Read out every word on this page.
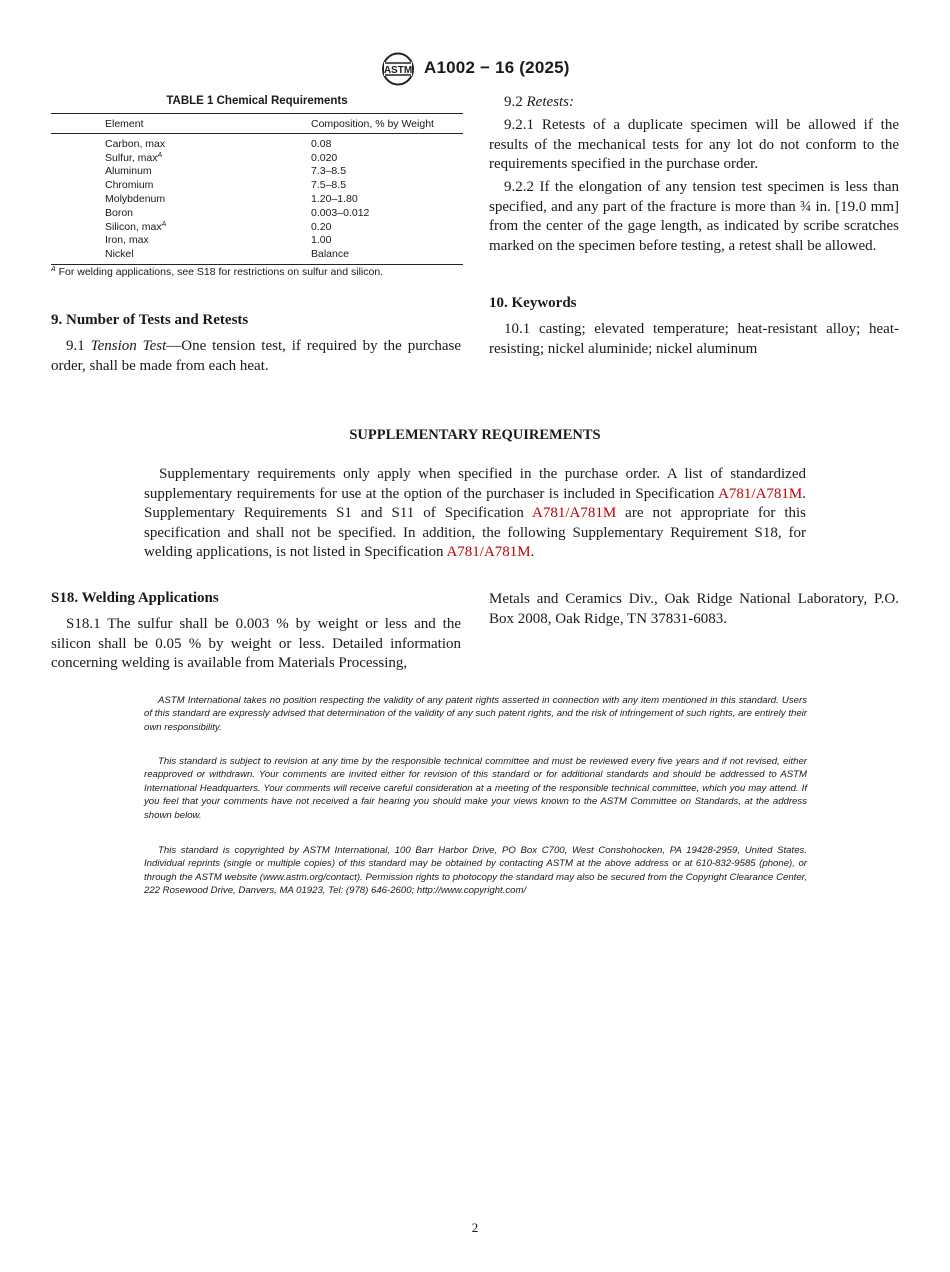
ASTM A1002 − 16 (2025)
TABLE 1 Chemical Requirements
Element	Composition, % by Weight
Carbon, max	0.08
Sulfur, $\max^A$	0.020
Aluminum	7.3–8.5
Chromium	7.5–8.5
Molybdenum	1.20–1.80
Boron	0.003–0.012
Silicon, $\max^A$	0.20
Iron, max	1.00
Nickel	Balance
$^A$ For welding applications, see S18 for restrictions on sulfur and silicon.
9. Number of Tests and Retests

9.1 Tension Test—One tension test, if required by the purchase order, shall be made from each heat.

9.2 Retests:

9.2.1 Retests of a duplicate specimen will be allowed if the results of the mechanical tests for any lot do not conform to the requirements specified in the purchase order.

9.2.2 If the elongation of any tension test specimen is less than specified, and any part of the fracture is more than ¾ in. [19.0 mm] from the center of the gage length, as indicated by scribe scratches marked on the specimen before testing, a retest shall be allowed.

10. Keywords

10.1 casting; elevated temperature; heat-resistant alloy; heat-resisting; nickel aluminide; nickel aluminum

SUPPLEMENTARY REQUIREMENTS

Supplementary requirements only apply when specified in the purchase order. A list of standardized supplementary requirements for use at the option of the purchaser is included in Specification A781/A781M. Supplementary Requirements S1 and S11 of Specification A781/A781M are not appropriate for this specification and shall not be specified. In addition, the following Supplementary Requirement S18, for welding applications, is not listed in Specification A781/A781M.

S18. Welding Applications

S18.1 The sulfur shall be 0.003 % by weight or less and the silicon shall be 0.05 % by weight or less. Detailed information concerning welding is available from Materials Processing,

Metals and Ceramics Div., Oak Ridge National Laboratory, P.O. Box 2008, Oak Ridge, TN 37831-6083.

ASTM International takes no position respecting the validity of any patent rights asserted in connection with any item mentioned in this standard. Users of this standard are expressly advised that determination of the validity of any such patent rights, and the risk of infringement of such rights, are entirely their own responsibility.

This standard is subject to revision at any time by the responsible technical committee and must be reviewed every five years and if not revised, either reapproved or withdrawn. Your comments are invited either for revision of this standard or for additional standards and should be addressed to ASTM International Headquarters. Your comments will receive careful consideration at a meeting of the responsible technical committee, which you may attend. If you feel that your comments have not received a fair hearing you should make your views known to the ASTM Committee on Standards, at the address shown below.

This standard is copyrighted by ASTM International, 100 Barr Harbor Drive, PO Box C700, West Conshohocken, PA 19428-2959, United States. Individual reprints (single or multiple copies) of this standard may be obtained by contacting ASTM at the above address or at 610-832-9585 (phone), or through the ASTM website (www.astm.org/contact). Permission rights to photocopy the standard may also be secured from the Copyright Clearance Center, 222 Rosewood Drive, Danvers, MA 01923, Tel: (978) 646-2600; http://www.copyright.com/

2
